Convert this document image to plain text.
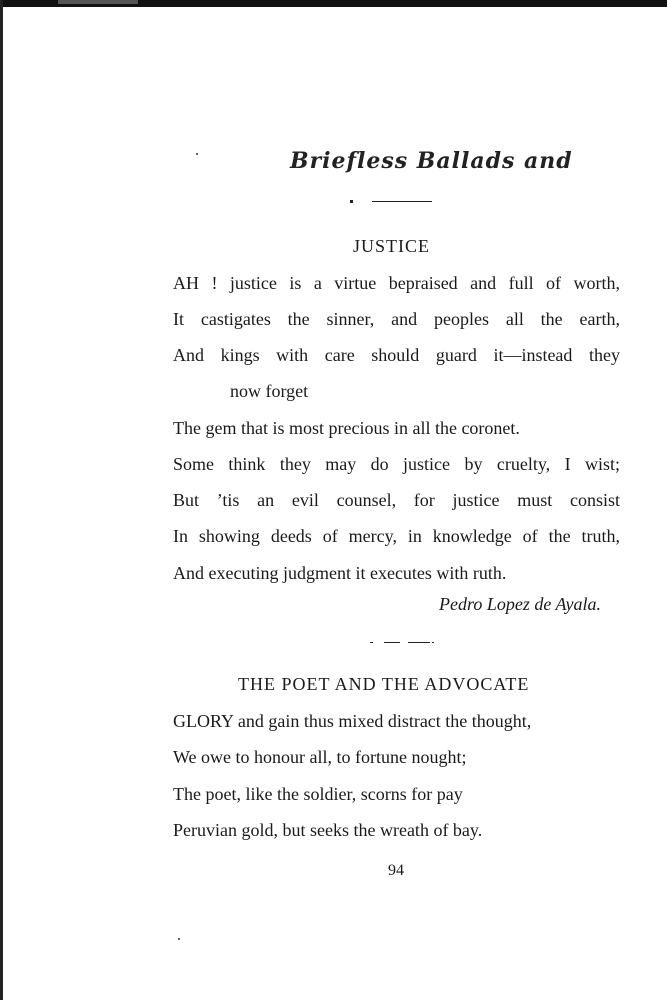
Briefless Ballads and
JUSTICE
AH ! justice is a virtue bepraised and full of worth,
It castigates the sinner, and peoples all the earth,
And kings with care should guard it—instead they
now forget
The gem that is most precious in all the coronet.
Some think they may do justice by cruelty, I wist;
But ’tis an evil counsel, for justice must consist
In showing deeds of mercy, in knowledge of the truth,
And executing judgment it executes with ruth.
Pedro Lopez de Ayala.
THE POET AND THE ADVOCATE
GLORY and gain thus mixed distract the thought,
We owe to honour all, to fortune nought;
The poet, like the soldier, scorns for pay
Peruvian gold, but seeks the wreath of bay.
94
